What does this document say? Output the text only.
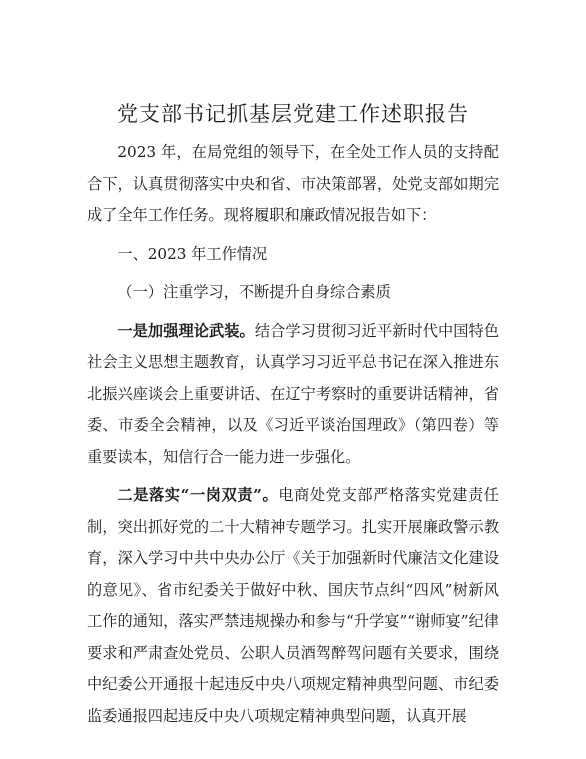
党支部书记抓基层党建工作述职报告

2023 年，在局党组的领导下，在全处工作人员的支持配合下，认真贯彻落实中央和省、市决策部署，处党支部如期完成了全年工作任务。现将履职和廉政情况报告如下：

一、2023 年工作情况

（一）注重学习，不断提升自身综合素质

一是加强理论武装。结合学习贯彻习近平新时代中国特色社会主义思想主题教育，认真学习习近平总书记在深入推进东北振兴座谈会上重要讲话、在辽宁考察时的重要讲话精神，省委、市委全会精神，以及《习近平谈治国理政》（第四卷）等重要读本，知信行合一能力进一步强化。

二是落实“一岗双责”。电商处党支部严格落实党建责任制，突出抓好党的二十大精神专题学习。扎实开展廉政警示教育，深入学习中共中央办公厅《关于加强新时代廉洁文化建设的意见》、省市纪委关于做好中秋、国庆节点纠“四风”树新风工作的通知，落实严禁违规操办和参与“升学宴”“谢师宴”纪律要求和严肃查处党员、公职人员酒驾醉驾问题有关要求，围绕中纪委公开通报十起违反中央八项规定精神典型问题、市纪委监委通报四起违反中央八项规定精神典型问题，认真开展
